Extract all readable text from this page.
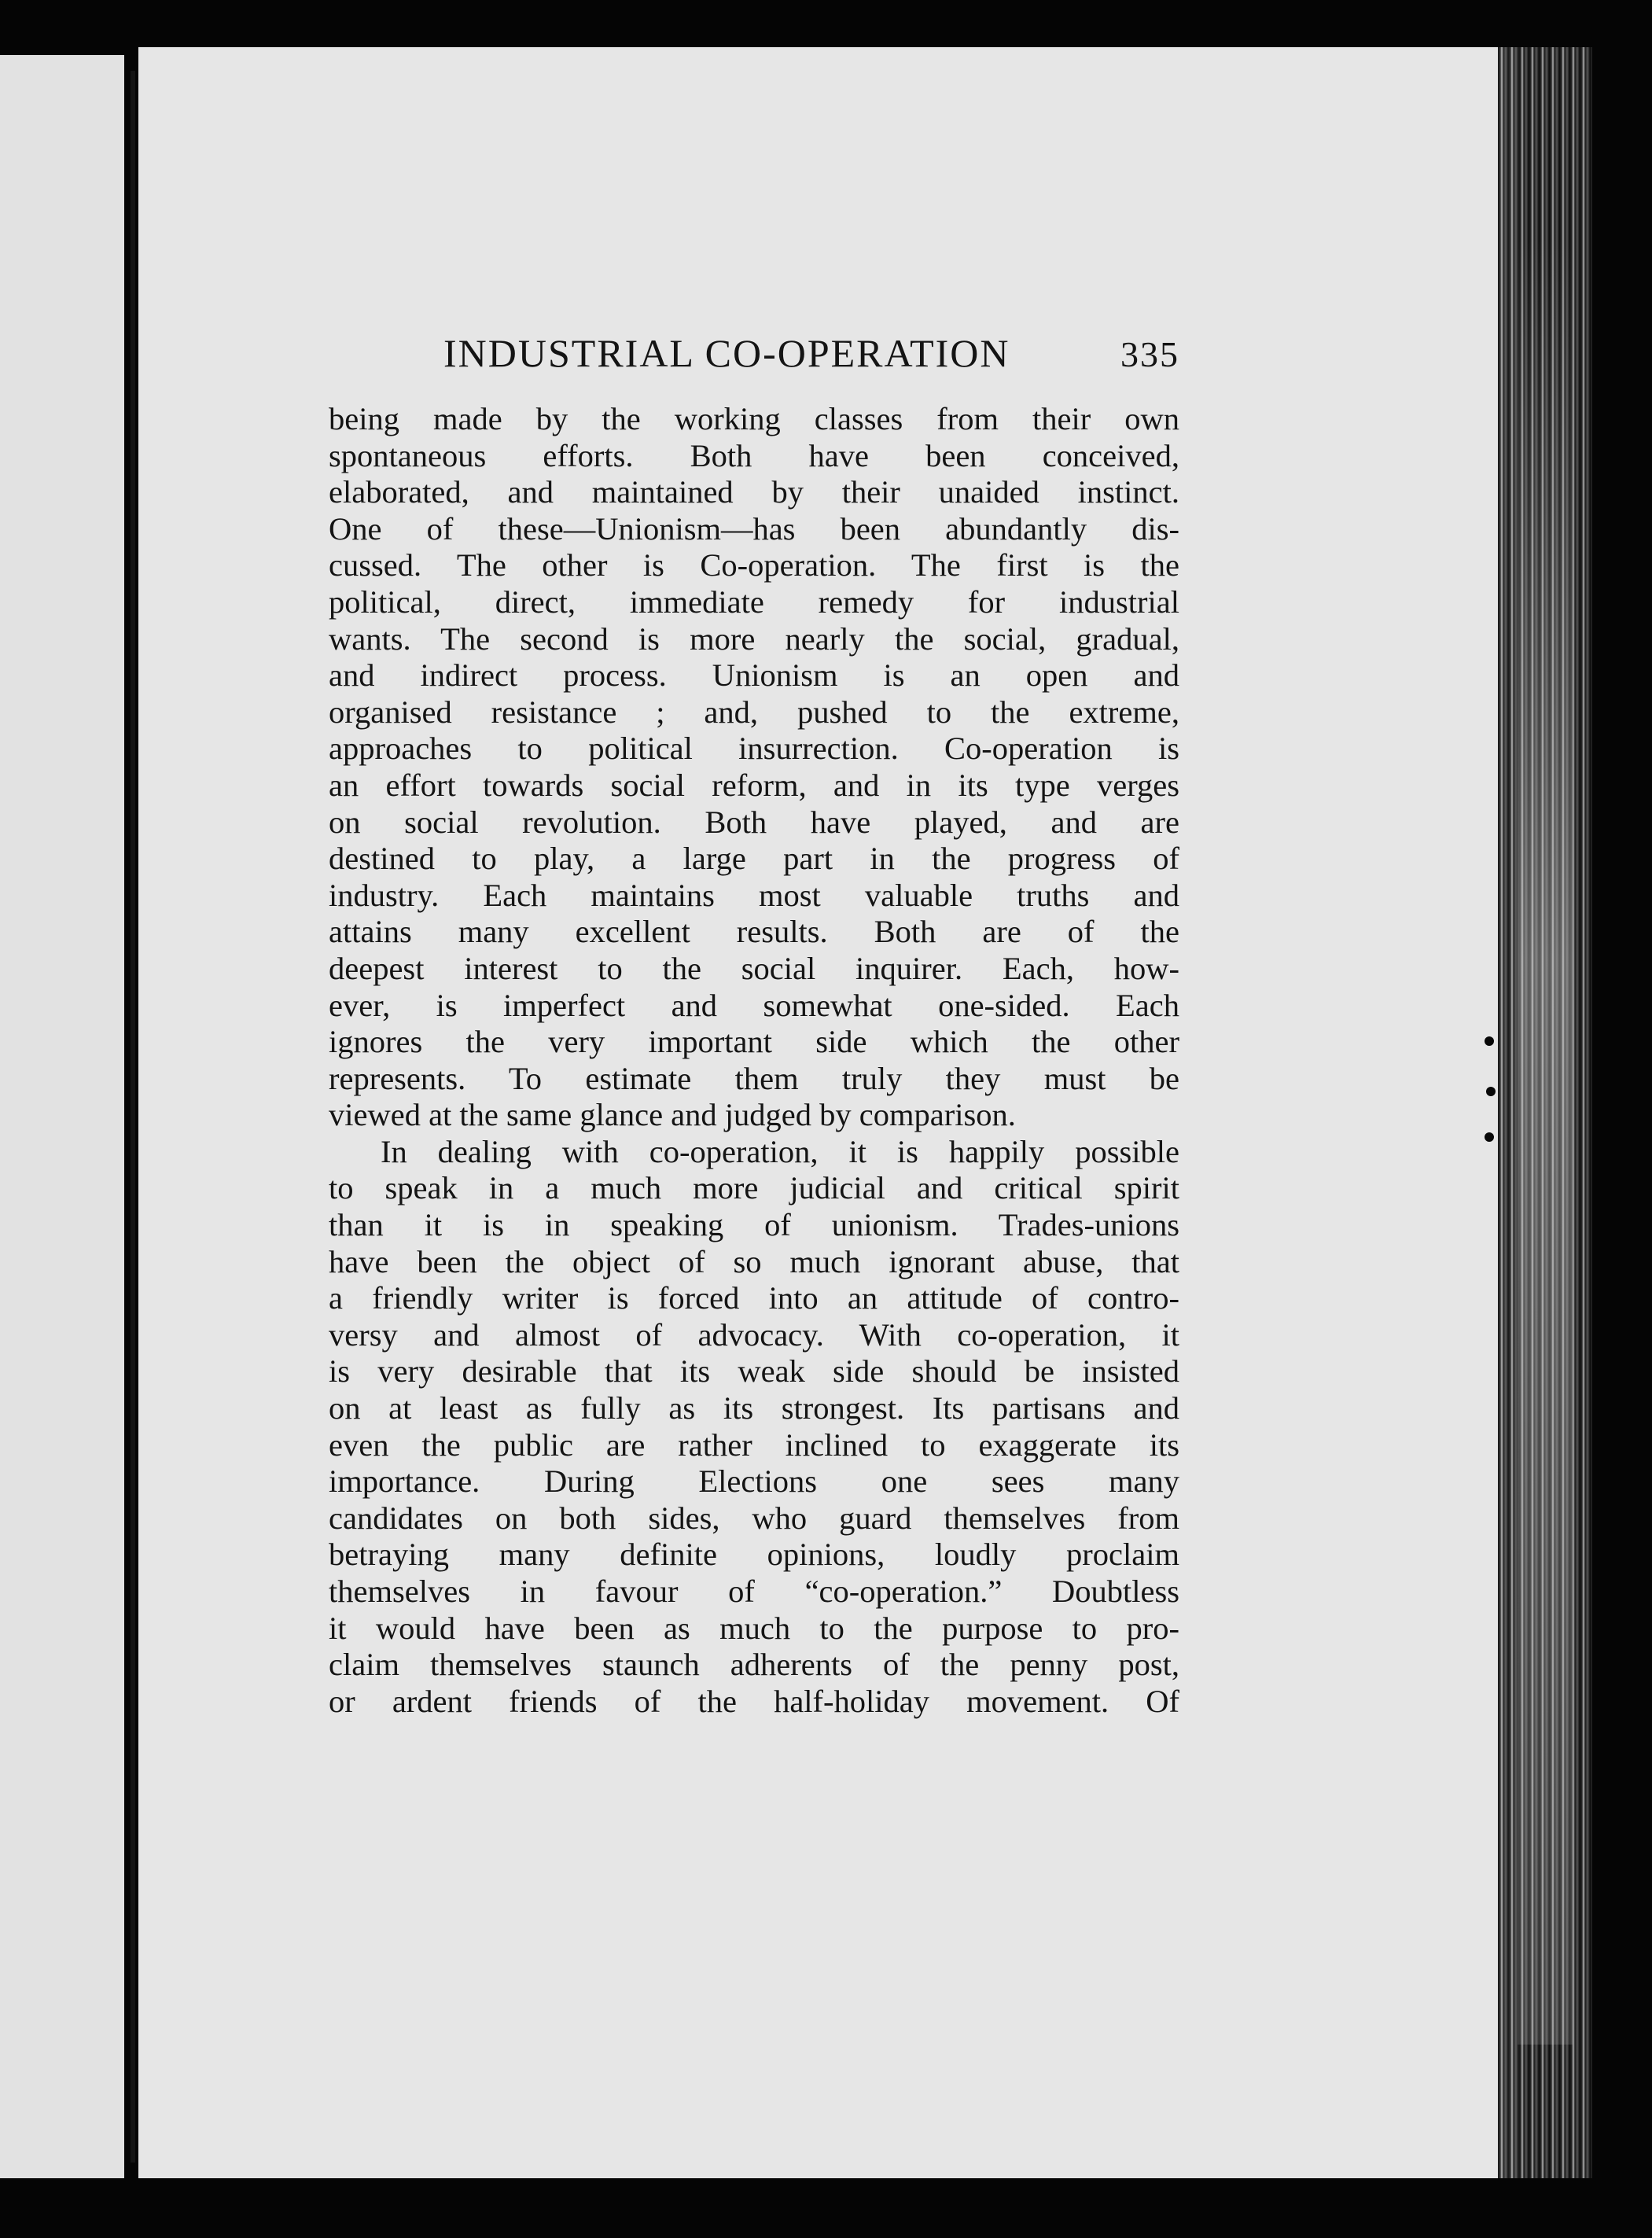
INDUSTRIAL CO-OPERATION	335

being made by the working classes from their own
spontaneous efforts. Both have been conceived,
elaborated, and maintained by their unaided instinct.
One of these—Unionism—has been abundantly dis-
cussed. The other is Co-operation. The first is the
political, direct, immediate remedy for industrial
wants. The second is more nearly the social, gradual,
and indirect process. Unionism is an open and
organised resistance ; and, pushed to the extreme,
approaches to political insurrection. Co-operation is
an effort towards social reform, and in its type verges
on social revolution. Both have played, and are
destined to play, a large part in the progress of
industry. Each maintains most valuable truths and
attains many excellent results. Both are of the
deepest interest to the social inquirer. Each, how-
ever, is imperfect and somewhat one-sided. Each
ignores the very important side which the other
represents. To estimate them truly they must be
viewed at the same glance and judged by comparison.

In dealing with co-operation, it is happily possible
to speak in a much more judicial and critical spirit
than it is in speaking of unionism. Trades-unions
have been the object of so much ignorant abuse, that
a friendly writer is forced into an attitude of contro-
versy and almost of advocacy. With co-operation, it
is very desirable that its weak side should be insisted
on at least as fully as its strongest. Its partisans and
even the public are rather inclined to exaggerate its
importance. During Elections one sees many
candidates on both sides, who guard themselves from
betraying many definite opinions, loudly proclaim
themselves in favour of “co-operation.” Doubtless
it would have been as much to the purpose to pro-
claim themselves staunch adherents of the penny post,
or ardent friends of the half-holiday movement. Of
